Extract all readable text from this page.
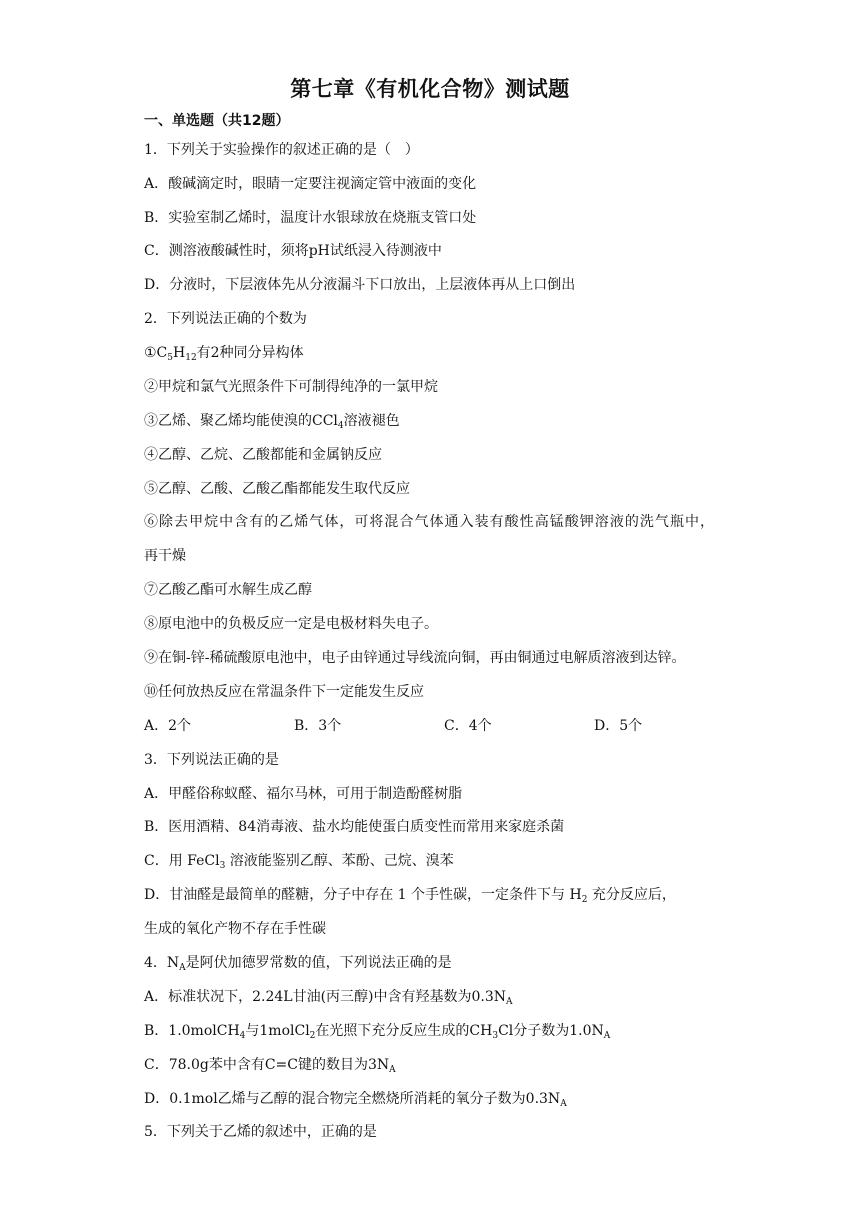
第七章《有机化合物》测试题
一、单选题（共12题）
1．下列关于实验操作的叙述正确的是（　）
A．酸碱滴定时，眼睛一定要注视滴定管中液面的变化
B．实验室制乙烯时，温度计水银球放在烧瓶支管口处
C．测溶液酸碱性时，须将pH试纸浸入待测液中
D．分液时，下层液体先从分液漏斗下口放出，上层液体再从上口倒出
2．下列说法正确的个数为
$①C_5H_{12}$有2种同分异构体
②甲烷和氯气光照条件下可制得纯净的一氯甲烷
③乙烯、聚乙烯均能使溴的CCl$_4$溶液褪色
④乙醇、乙烷、乙酸都能和金属钠反应
⑤乙醇、乙酸、乙酸乙酯都能发生取代反应
⑥除去甲烷中含有的乙烯气体，可将混合气体通入装有酸性高锰酸钾溶液的洗气瓶中，
再干燥
⑦乙酸乙酯可水解生成乙醇
⑧原电池中的负极反应一定是电极材料失电子。
⑨在铜-锌-稀硫酸原电池中，电子由锌通过导线流向铜，再由铜通过电解质溶液到达锌。
⑩任何放热反应在常温条件下一定能发生反应
A．2个	B．3个	C．4个	D．5个
3．下列说法正确的是
A．甲醛俗称蚁醛、福尔马林，可用于制造酚醛树脂
B．医用酒精、84消毒液、盐水均能使蛋白质变性而常用来家庭杀菌
C．用 FeCl$_3$ 溶液能鉴别乙醇、苯酚、己烷、溴苯
D．甘油醛是最简单的醛糖，分子中存在 1 个手性碳，一定条件下与 $H_2$ 充分反应后，
生成的氧化产物不存在手性碳
4．$N_A$是阿伏加德罗常数的值，下列说法正确的是
A．标准状况下，2.24L甘油(丙三醇)中含有羟基数为$0.3N_A$
B．1.0molCH$_4$与1molCl$_2$在光照下充分反应生成的$CH_3Cl$分子数为$1.0N_A$
C．78.0g苯中含有C=C键的数目为$3N_A$
D．0.1mol乙烯与乙醇的混合物完全燃烧所消耗的氧分子数为$0.3N_A$
5．下列关于乙烯的叙述中，正确的是
